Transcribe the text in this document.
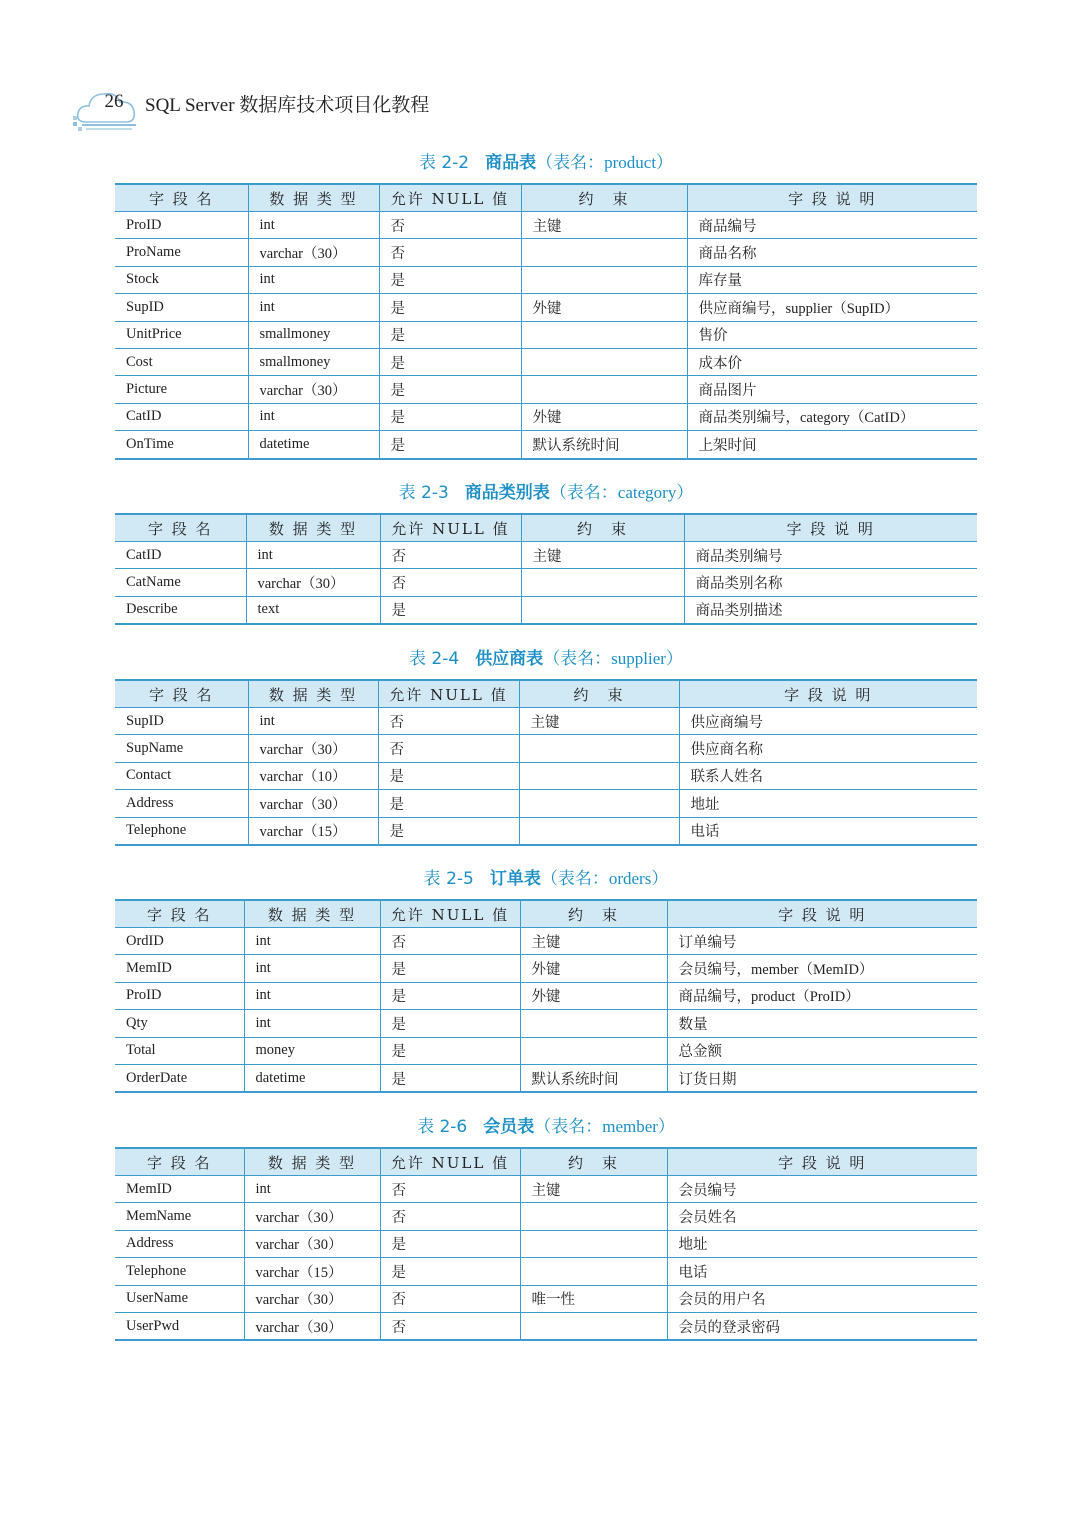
26 SQL Server 数据库技术项目化教程
表 2-2 商品表（表名：product）
字 段 名	数 据 类 型	允许 NULL 值	约　束	字 段 说 明
ProID	int	否	主键	商品编号
ProName	varchar（30）	否		商品名称
Stock	int	是		库存量
SupID	int	是	外键	供应商编号，supplier（SupID）
UnitPrice	smallmoney	是		售价
Cost	smallmoney	是		成本价
Picture	varchar（30）	是		商品图片
CatID	int	是	外键	商品类别编号，category（CatID）
OnTime	datetime	是	默认系统时间	上架时间
表 2-3 商品类别表（表名：category）
字 段 名	数 据 类 型	允许 NULL 值	约　束	字 段 说 明
CatID	int	否	主键	商品类别编号
CatName	varchar（30）	否		商品类别名称
Describe	text	是		商品类别描述
表 2-4 供应商表（表名：supplier）
字 段 名	数 据 类 型	允许 NULL 值	约　束	字 段 说 明
SupID	int	否	主键	供应商编号
SupName	varchar（30）	否		供应商名称
Contact	varchar（10）	是		联系人姓名
Address	varchar（30）	是		地址
Telephone	varchar（15）	是		电话
表 2-5 订单表（表名：orders）
字 段 名	数 据 类 型	允许 NULL 值	约　束	字 段 说 明
OrdID	int	否	主键	订单编号
MemID	int	是	外键	会员编号，member（MemID）
ProID	int	是	外键	商品编号，product（ProID）
Qty	int	是		数量
Total	money	是		总金额
OrderDate	datetime	是	默认系统时间	订货日期
表 2-6 会员表（表名：member）
字 段 名	数 据 类 型	允许 NULL 值	约　束	字 段 说 明
MemID	int	否	主键	会员编号
MemName	varchar（30）	否		会员姓名
Address	varchar（30）	是		地址
Telephone	varchar（15）	是		电话
UserName	varchar（30）	否	唯一性	会员的用户名
UserPwd	varchar（30）	否		会员的登录密码
